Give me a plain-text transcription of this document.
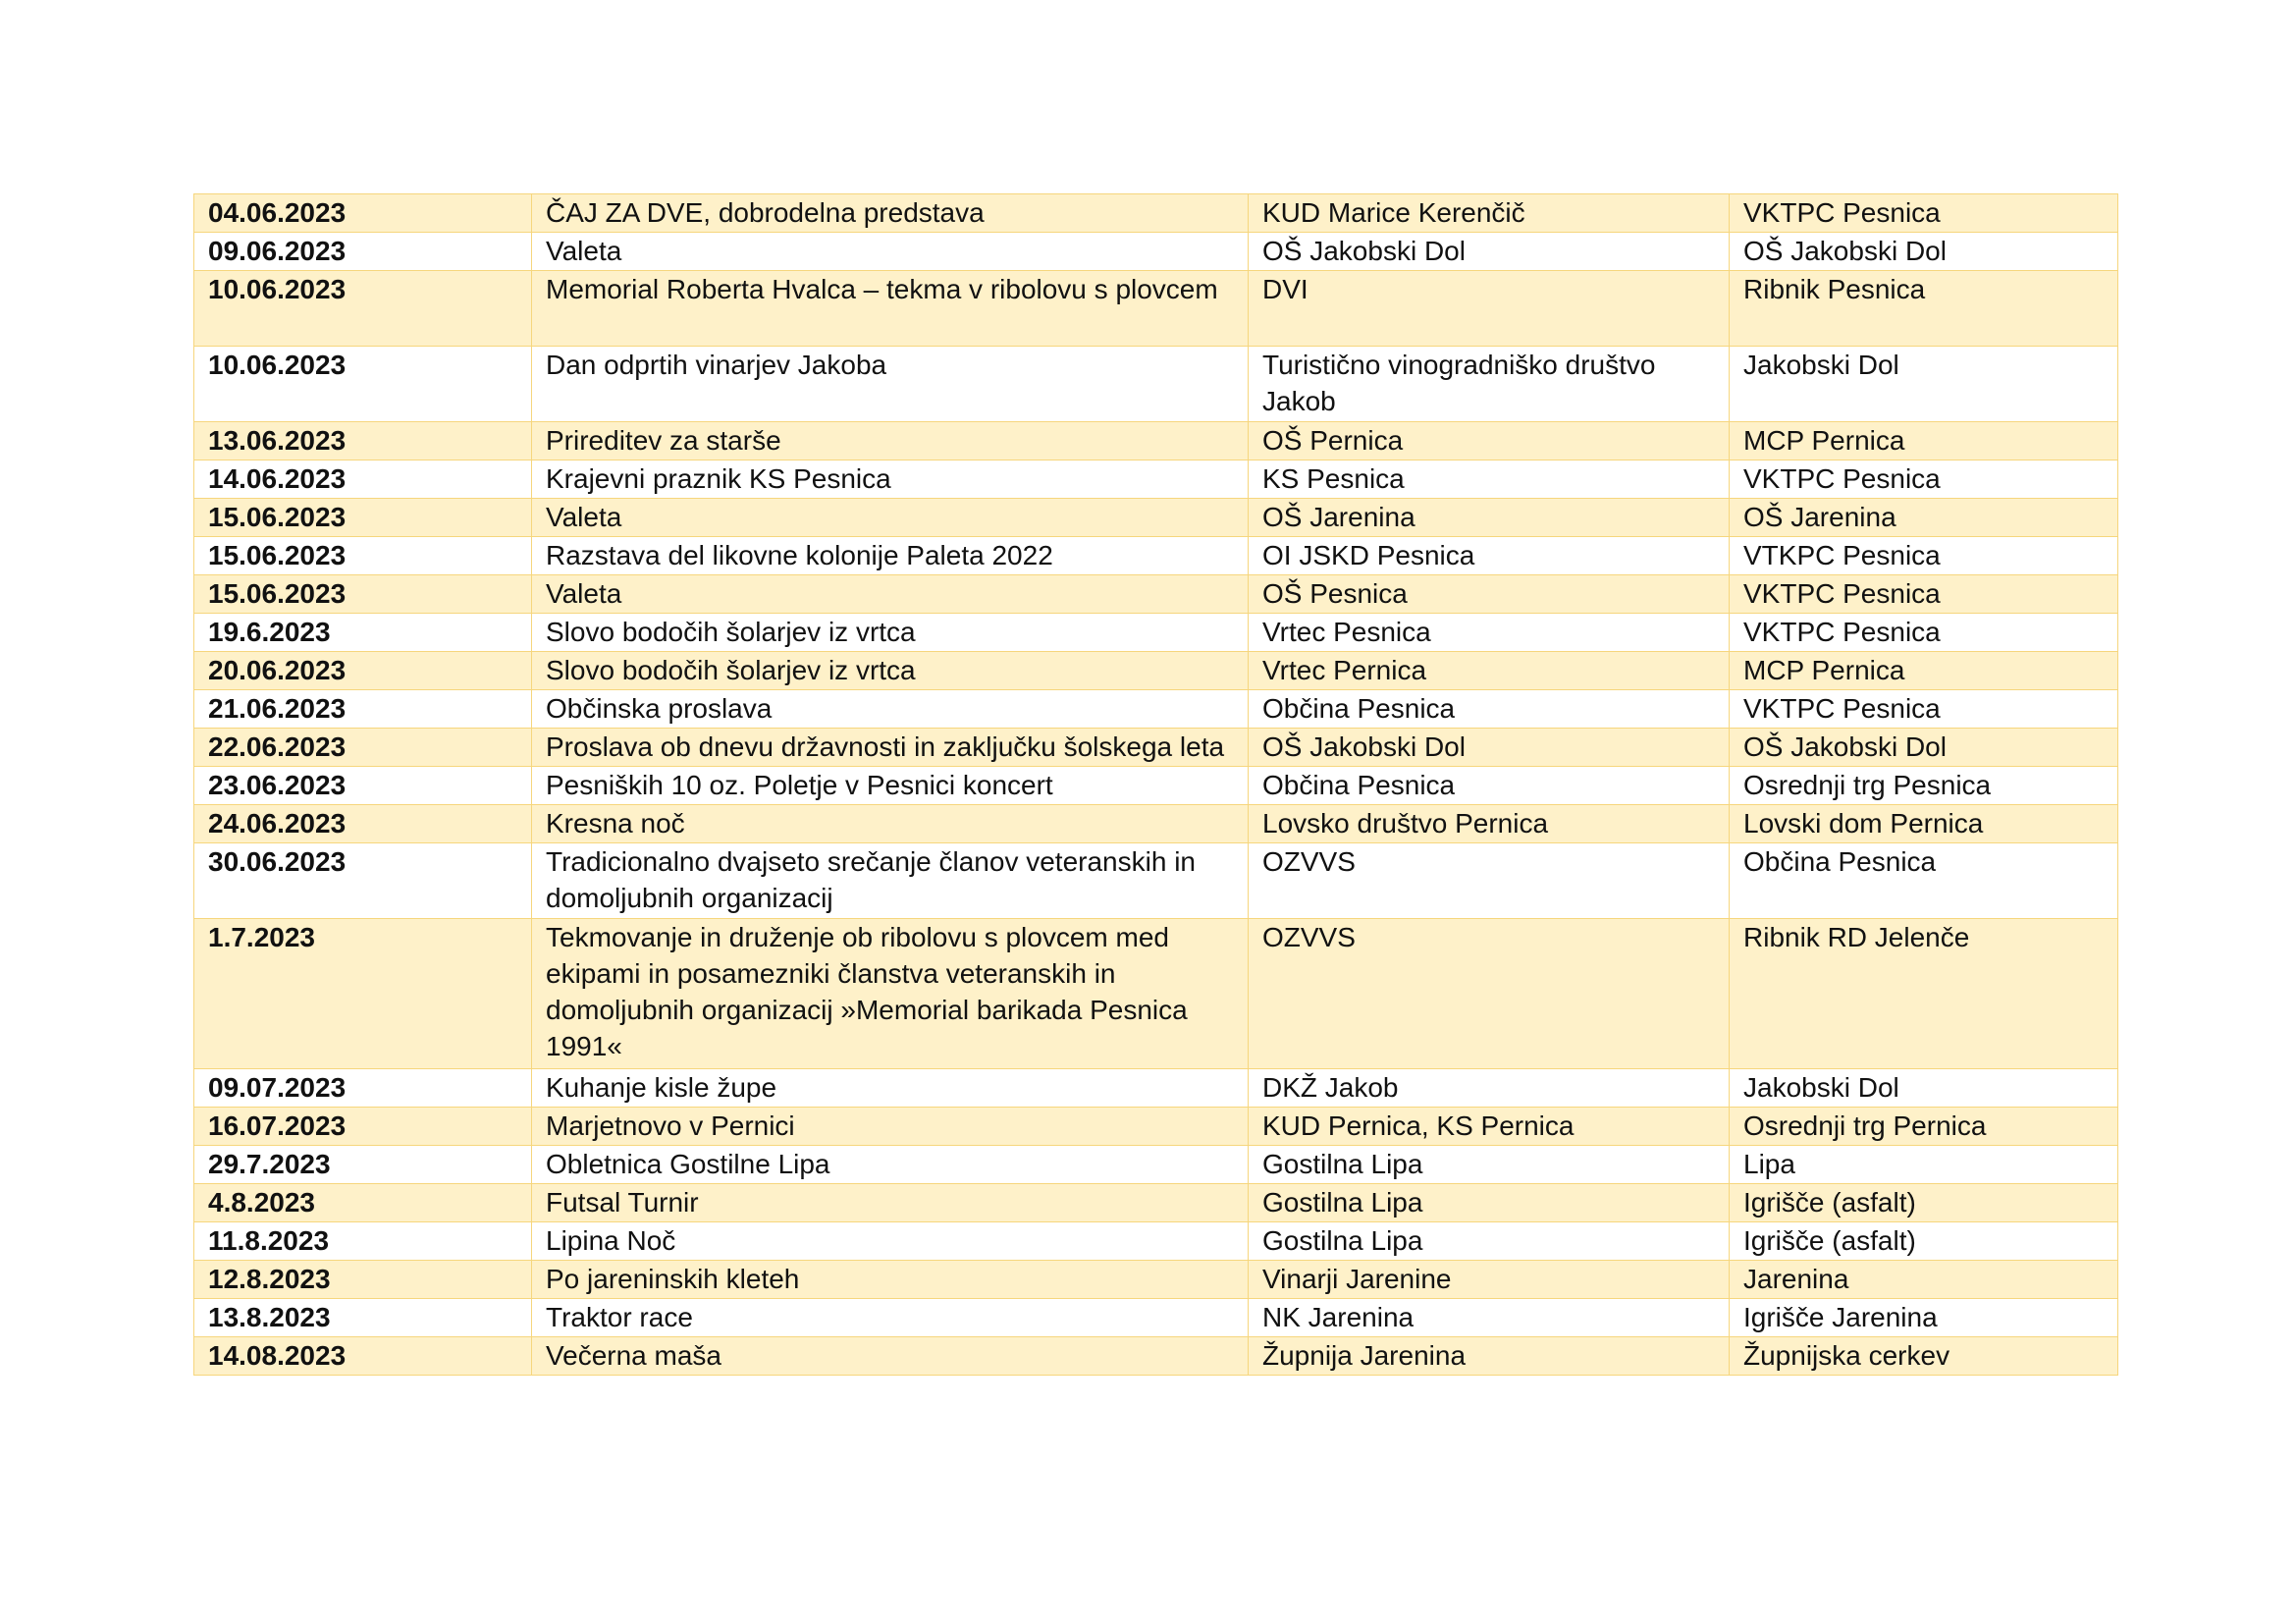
04.06.2023	ČAJ ZA DVE, dobrodelna predstava	KUD Marice Kerenčič	VKTPC Pesnica
09.06.2023	Valeta	OŠ Jakobski Dol	OŠ Jakobski Dol
10.06.2023	Memorial Roberta Hvalca – tekma v ribolovu s plovcem	DVI	Ribnik Pesnica
10.06.2023	Dan odprtih vinarjev Jakoba	Turistično vinogradniško društvo Jakob	Jakobski Dol
13.06.2023	Prireditev za starše	OŠ Pernica	MCP Pernica
14.06.2023	Krajevni praznik KS Pesnica	KS Pesnica	VKTPC Pesnica
15.06.2023	Valeta	OŠ Jarenina	OŠ Jarenina
15.06.2023	Razstava del likovne kolonije Paleta 2022	OI JSKD Pesnica	VTKPC Pesnica
15.06.2023	Valeta	OŠ Pesnica	VKTPC Pesnica
19.6.2023	Slovo bodočih šolarjev iz vrtca	Vrtec Pesnica	VKTPC Pesnica
20.06.2023	Slovo bodočih šolarjev iz vrtca	Vrtec Pernica	MCP Pernica
21.06.2023	Občinska proslava	Občina Pesnica	VKTPC Pesnica
22.06.2023	Proslava ob dnevu državnosti in zaključku šolskega leta	OŠ Jakobski Dol	OŠ Jakobski Dol
23.06.2023	Pesniških 10 oz. Poletje v Pesnici koncert	Občina Pesnica	Osrednji trg Pesnica
24.06.2023	Kresna noč	Lovsko društvo Pernica	Lovski dom Pernica
30.06.2023	Tradicionalno dvajseto srečanje članov veteranskih in domoljubnih organizacij	OZVVS	Občina Pesnica
1.7.2023	Tekmovanje in druženje ob ribolovu s plovcem med ekipami in posamezniki članstva veteranskih in domoljubnih organizacij »Memorial barikada Pesnica 1991«	OZVVS	Ribnik RD Jelenče
09.07.2023	Kuhanje kisle župe	DKŽ Jakob	Jakobski Dol
16.07.2023	Marjetnovo v Pernici	KUD Pernica, KS Pernica	Osrednji trg Pernica
29.7.2023	Obletnica Gostilne Lipa	Gostilna Lipa	Lipa
4.8.2023	Futsal Turnir	Gostilna Lipa	Igrišče (asfalt)
11.8.2023	Lipina Noč	Gostilna Lipa	Igrišče (asfalt)
12.8.2023	Po jareninskih kleteh	Vinarji Jarenine	Jarenina
13.8.2023	Traktor race	NK Jarenina	Igrišče Jarenina
14.08.2023	Večerna maša	Župnija Jarenina	Župnijska cerkev
